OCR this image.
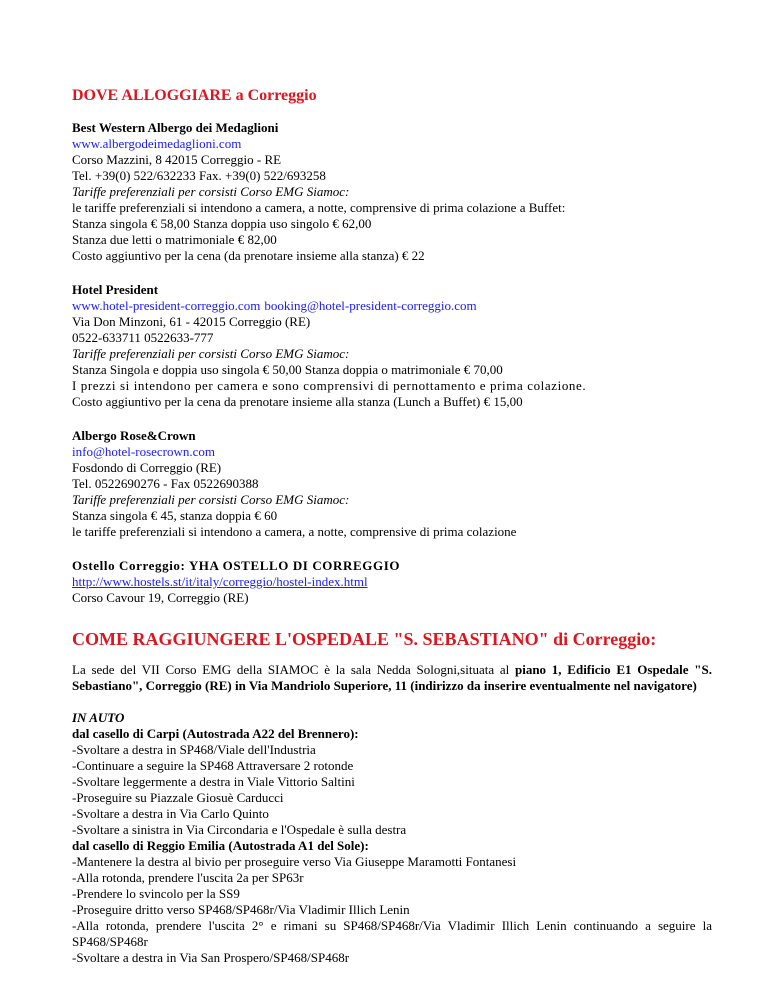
DOVE ALLOGGIARE a Correggio
Best Western Albergo dei Medaglioni
www.albergodeimedaglioni.com
Corso Mazzini, 8 42015 Correggio - RE
Tel. +39(0) 522/632233 Fax. +39(0) 522/693258
Tariffe preferenziali per corsisti Corso EMG Siamoc:
le tariffe preferenziali si intendono a camera, a notte, comprensive di prima colazione a Buffet:
Stanza singola € 58,00 Stanza doppia uso singolo € 62,00
Stanza due letti o matrimoniale € 82,00
Costo aggiuntivo per la cena (da prenotare insieme alla stanza) € 22
Hotel President
www.hotel-president-correggio.com booking@hotel-president-correggio.com
Via Don Minzoni, 61 - 42015 Correggio (RE)
0522-633711 0522633-777
Tariffe preferenziali per corsisti Corso EMG Siamoc:
Stanza Singola e doppia uso singola € 50,00 Stanza doppia o matrimoniale € 70,00
I prezzi si intendono per camera e sono comprensivi di pernottamento e prima colazione.
Costo aggiuntivo per la cena da prenotare insieme alla stanza (Lunch a Buffet) € 15,00
Albergo Rose&Crown
info@hotel-rosecrown.com
Fosdondo di Correggio (RE)
Tel. 0522690276 - Fax 0522690388
Tariffe preferenziali per corsisti Corso EMG Siamoc:
Stanza singola € 45, stanza doppia € 60
le tariffe preferenziali si intendono a camera, a notte, comprensive di prima colazione
Ostello Correggio: YHA OSTELLO DI CORREGGIO
http://www.hostels.st/it/italy/correggio/hostel-index.html
Corso Cavour 19, Correggio (RE)
COME RAGGIUNGERE L'OSPEDALE "S. SEBASTIANO" di Correggio:
La sede del VII Corso EMG della SIAMOC è la sala Nedda Sologni,situata al piano 1, Edificio E1 Ospedale "S. Sebastiano", Correggio (RE) in Via Mandriolo Superiore, 11 (indirizzo da inserire eventualmente nel navigatore)
IN AUTO
dal casello di Carpi (Autostrada A22 del Brennero):
-Svoltare a destra in SP468/Viale dell'Industria
-Continuare a seguire la SP468 Attraversare 2 rotonde
-Svoltare leggermente a destra in Viale Vittorio Saltini
-Proseguire su Piazzale Giosuè Carducci
-Svoltare a destra in Via Carlo Quinto
-Svoltare a sinistra in Via Circondaria e l'Ospedale è sulla destra
dal casello di Reggio Emilia (Autostrada A1 del Sole):
-Mantenere la destra al bivio per proseguire verso Via Giuseppe Maramotti Fontanesi
-Alla rotonda, prendere l'uscita 2a per SP63r
-Prendere lo svincolo per la SS9
-Proseguire dritto verso SP468/SP468r/Via Vladimir Illich Lenin
-Alla rotonda, prendere l'uscita 2° e rimani su SP468/SP468r/Via Vladimir Illich Lenin continuando a seguire la SP468/SP468r
-Svoltare a destra in Via San Prospero/SP468/SP468r
